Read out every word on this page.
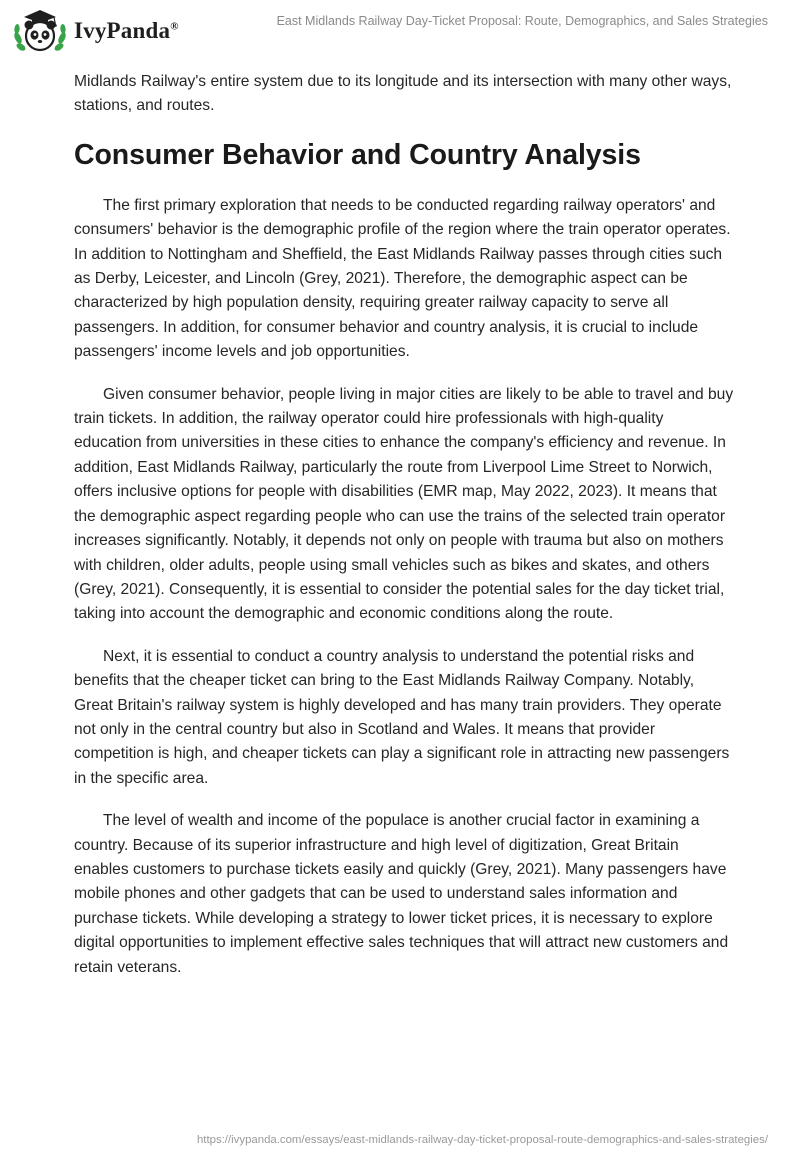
IvyPanda®	East Midlands Railway Day-Ticket Proposal: Route, Demographics, and Sales Strategies

Midlands Railway's entire system due to its longitude and its intersection with many other ways, stations, and routes.

Consumer Behavior and Country Analysis

The first primary exploration that needs to be conducted regarding railway operators' and consumers' behavior is the demographic profile of the region where the train operator operates. In addition to Nottingham and Sheffield, the East Midlands Railway passes through cities such as Derby, Leicester, and Lincoln (Grey, 2021). Therefore, the demographic aspect can be characterized by high population density, requiring greater railway capacity to serve all passengers. In addition, for consumer behavior and country analysis, it is crucial to include passengers' income levels and job opportunities.

Given consumer behavior, people living in major cities are likely to be able to travel and buy train tickets. In addition, the railway operator could hire professionals with high-quality education from universities in these cities to enhance the company's efficiency and revenue. In addition, East Midlands Railway, particularly the route from Liverpool Lime Street to Norwich, offers inclusive options for people with disabilities (EMR map, May 2022, 2023). It means that the demographic aspect regarding people who can use the trains of the selected train operator increases significantly. Notably, it depends not only on people with trauma but also on mothers with children, older adults, people using small vehicles such as bikes and skates, and others (Grey, 2021). Consequently, it is essential to consider the potential sales for the day ticket trial, taking into account the demographic and economic conditions along the route.

Next, it is essential to conduct a country analysis to understand the potential risks and benefits that the cheaper ticket can bring to the East Midlands Railway Company. Notably, Great Britain's railway system is highly developed and has many train providers. They operate not only in the central country but also in Scotland and Wales. It means that provider competition is high, and cheaper tickets can play a significant role in attracting new passengers in the specific area.

The level of wealth and income of the populace is another crucial factor in examining a country. Because of its superior infrastructure and high level of digitization, Great Britain enables customers to purchase tickets easily and quickly (Grey, 2021). Many passengers have mobile phones and other gadgets that can be used to understand sales information and purchase tickets. While developing a strategy to lower ticket prices, it is necessary to explore digital opportunities to implement effective sales techniques that will attract new customers and retain veterans.

https://ivypanda.com/essays/east-midlands-railway-day-ticket-proposal-route-demographics-and-sales-strategies/
